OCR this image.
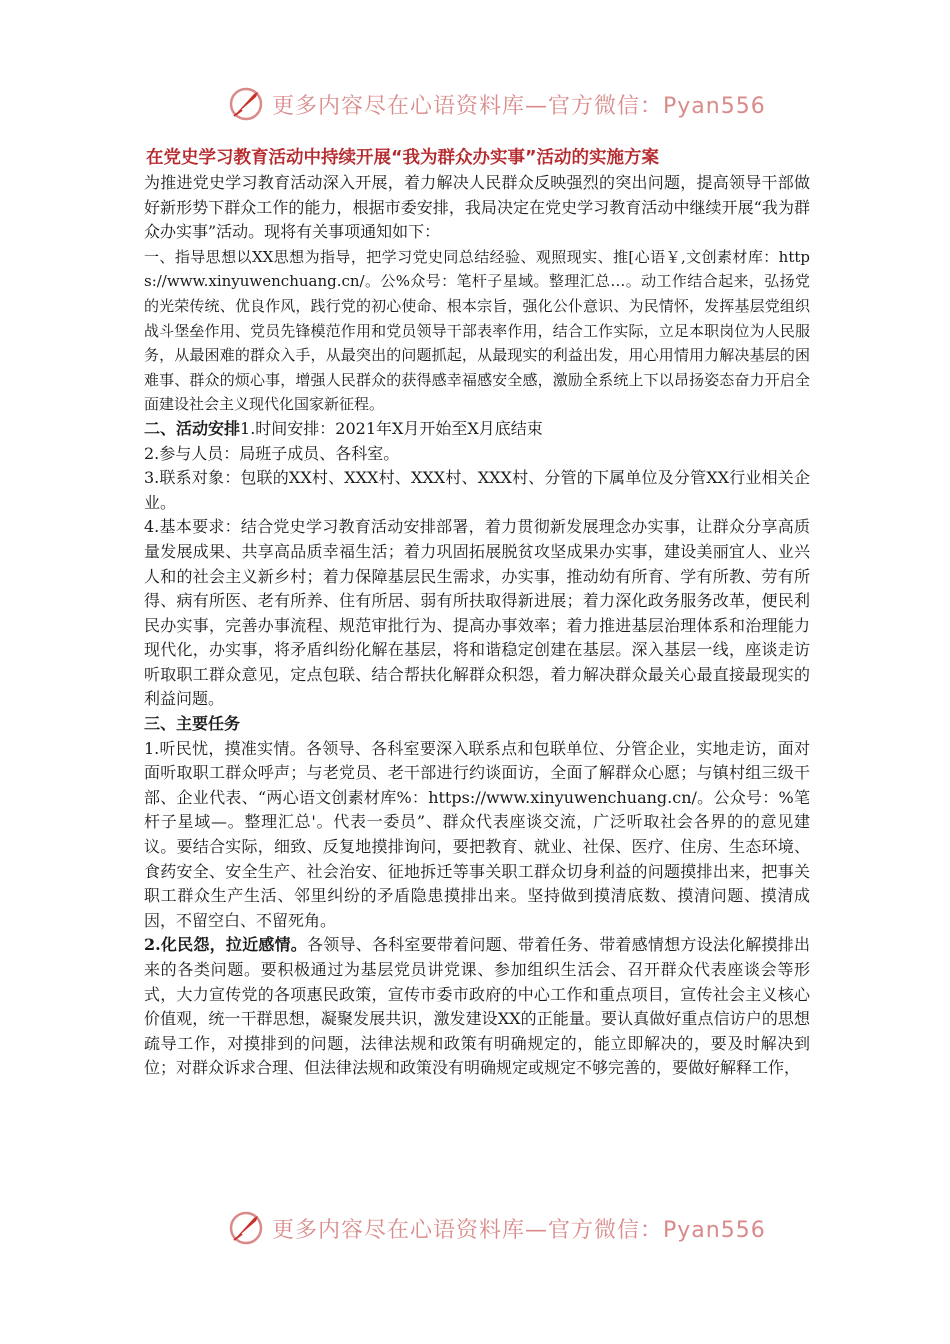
更多内容尽在心语资料库—官方微信：Pyan556

在党史学习教育活动中持续开展“我为群众办实事”活动的实施方案

为推进党史学习教育活动深入开展，着力解决人民群众反映强烈的突出问题，提高领导干部做好新形势下群众工作的能力，根据市委安排，我局决定在党史学习教育活动中继续开展“我为群众办实事”活动。现将有关事项通知如下：

一、指导思想以XX思想为指导，把学习党史同总结经验、观照现实、推[心语￥,文创素材库：https://www.xinyuwenchuang.cn/。公%众号：笔杆子星域。整理汇总…。动工作结合起来，弘扬党的光荣传统、优良作风，践行党的初心使命、根本宗旨，强化公仆意识、为民情怀，发挥基层党组织战斗堡垒作用、党员先锋模范作用和党员领导干部表率作用，结合工作实际，立足本职岗位为人民服务，从最困难的群众入手，从最突出的问题抓起，从最现实的利益出发，用心用情用力解决基层的困难事、群众的烦心事，增强人民群众的获得感幸福感安全感，激励全系统上下以昂扬姿态奋力开启全面建设社会主义现代化国家新征程。

二、活动安排1.时间安排：2021年X月开始至X月底结束

2.参与人员：局班子成员、各科室。

3.联系对象：包联的XX村、XXX村、XXX村、XXX村、分管的下属单位及分管XX行业相关企业。

4.基本要求：结合党史学习教育活动安排部署，着力贯彻新发展理念办实事，让群众分享高质量发展成果、共享高品质幸福生活；着力巩固拓展脱贫攻坚成果办实事，建设美丽宜人、业兴人和的社会主义新乡村；着力保障基层民生需求，办实事，推动幼有所育、学有所教、劳有所得、病有所医、老有所养、住有所居、弱有所扶取得新进展；着力深化政务服务改革，便民利民办实事，完善办事流程、规范审批行为、提高办事效率；着力推进基层治理体系和治理能力现代化，办实事，将矛盾纠纷化解在基层，将和谐稳定创建在基层。深入基层一线，座谈走访听取职工群众意见，定点包联、结合帮扶化解群众积怨，着力解决群众最关心最直接最现实的利益问题。

三、主要任务

1.听民忧，摸准实情。各领导、各科室要深入联系点和包联单位、分管企业，实地走访，面对面听取职工群众呼声；与老党员、老干部进行约谈面访，全面了解群众心愿；与镇村组三级干部、企业代表、“两心语文创素材库%：https://www.xinyuwenchuang.cn/。公众号：%笔杆子星域—。整理汇总'。代表一委员”、群众代表座谈交流，广泛听取社会各界的的意见建议。要结合实际，细致、反复地摸排询问，要把教育、就业、社保、医疗、住房、生态环境、食药安全、安全生产、社会治安、征地拆迁等事关职工群众切身利益的问题摸排出来，把事关职工群众生产生活、邻里纠纷的矛盾隐患摸排出来。坚持做到摸清底数、摸清问题、摸清成因，不留空白、不留死角。

2.化民怨，拉近感情。各领导、各科室要带着问题、带着任务、带着感情想方设法化解摸排出来的各类问题。要积极通过为基层党员讲党课、参加组织生活会、召开群众代表座谈会等形式，大力宣传党的各项惠民政策，宣传市委市政府的中心工作和重点项目，宣传社会主义核心价值观，统一干群思想，凝聚发展共识，激发建设XX的正能量。要认真做好重点信访户的思想疏导工作，对摸排到的问题，法律法规和政策有明确规定的，能立即解决的，要及时解决到位；对群众诉求合理、但法律法规和政策没有明确规定或规定不够完善的，要做好解释工作，

更多内容尽在心语资料库—官方微信：Pyan556
